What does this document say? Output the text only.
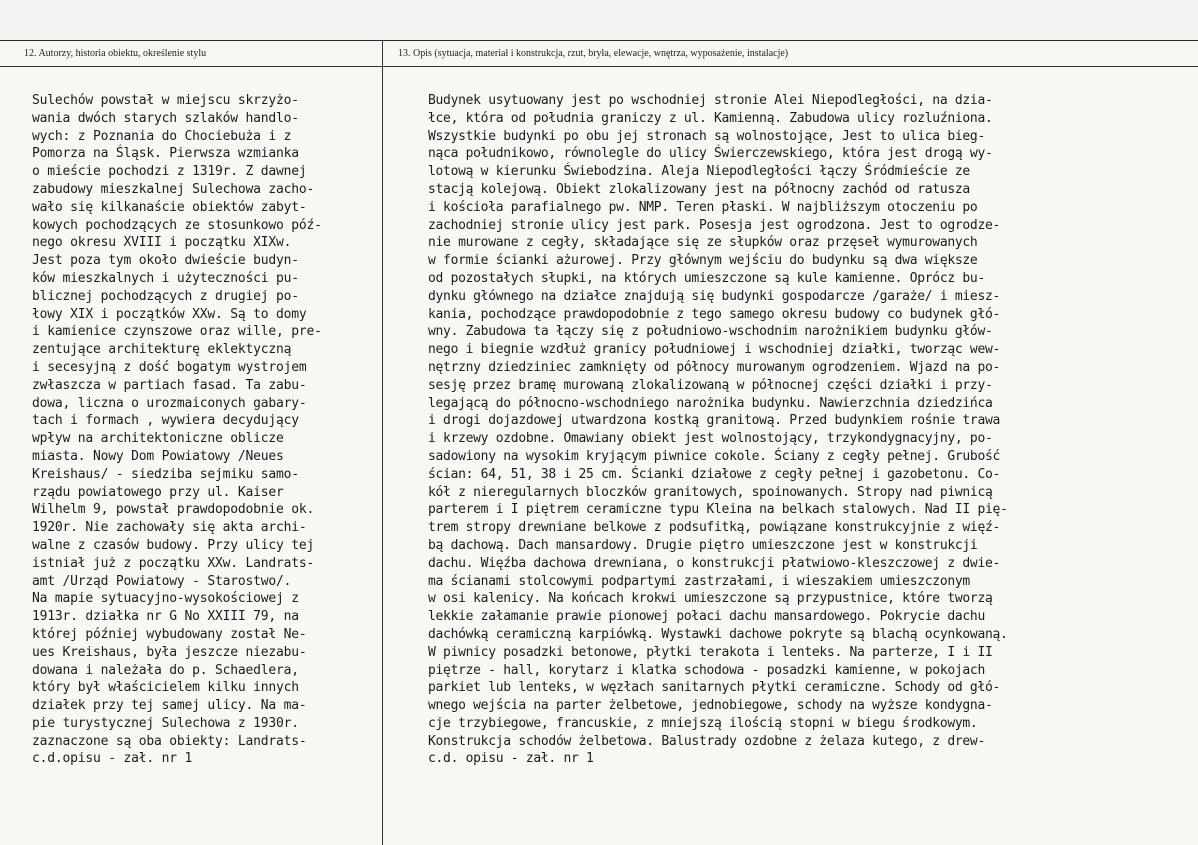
12. Autorzy, historia obiektu, określenie stylu	13. Opis (sytuacja, materiał i konstrukcja, rzut, bryła, elewacje, wnętrza, wyposażenie, instalacje)
Sulechów powstał w miejscu skrzyżo-
wania dwóch starych szlaków handlo-
wych: z Poznania do Chociebuża i z
Pomorza na Śląsk. Pierwsza wzmianka
o mieście pochodzi z 1319r. Z dawnej
zabudowy mieszkalnej Sulechowa zacho-
wało się kilkanaście obiektów zabyt-
kowych pochodzących ze stosunkowo póź-
nego okresu XVIII i początku XIXw.
Jest poza tym około dwieście budyn-
ków mieszkalnych i użyteczności pu-
blicznej pochodzących z drugiej po-
łowy XIX i początków XXw. Są to domy
i kamienice czynszowe oraz wille, pre-
zentujące architekturę eklektyczną
i secesyjną z dość bogatym wystrojem
zwłaszcza w partiach fasad. Ta zabu-
dowa, liczna o urozmaiconych gabary-
tach i formach , wywiera decydujący
wpływ na architektoniczne oblicze
miasta. Nowy Dom Powiatowy /Neues
Kreishaus/ - siedziba sejmiku samo-
rządu powiatowego przy ul. Kaiser
Wilhelm 9, powstał prawdopodobnie ok.
1920r. Nie zachowały się akta archi-
walne z czasów budowy. Przy ulicy tej
istniał już z początku XXw. Landrats-
amt /Urząd Powiatowy - Starostwo/.
Na mapie sytuacyjno-wysokościowej z
1913r. działka nr G No XXIII 79, na
której później wybudowany został Ne-
ues Kreishaus, była jeszcze niezabu-
dowana i należała do p. Schaedlera,
który był właścicielem kilku innych
działek przy tej samej ulicy. Na ma-
pie turystycznej Sulechowa z 1930r.
zaznaczone są oba obiekty: Landrats-
c.d.opisu - zał. nr 1
Budynek usytuowany jest po wschodniej stronie Alei Niepodległości, na dzia-
łce, która od południa graniczy z ul. Kamienną. Zabudowa ulicy rozluźniona.
Wszystkie budynki po obu jej stronach są wolnostojące, Jest to ulica bieg-
nąca południkowo, równolegle do ulicy Świerczewskiego, która jest drogą wy-
lotową w kierunku Świebodzina. Aleja Niepodległości łączy Śródmieście ze
stacją kolejową. Obiekt zlokalizowany jest na północny zachód od ratusza
i kościoła parafialnego pw. NMP. Teren płaski. W najbliższym otoczeniu po
zachodniej stronie ulicy jest park. Posesja jest ogrodzona. Jest to ogrodze-
nie murowane z cegły, składające się ze słupków oraz przęseł wymurowanych
w formie ścianki ażurowej. Przy głównym wejściu do budynku są dwa większe
od pozostałych słupki, na których umieszczone są kule kamienne. Oprócz bu-
dynku głównego na działce znajdują się budynki gospodarcze /garaże/ i miesz-
kania, pochodzące prawdopodobnie z tego samego okresu budowy co budynek głó-
wny. Zabudowa ta łączy się z południowo-wschodnim narożnikiem budynku głów-
nego i biegnie wzdłuż granicy południowej i wschodniej działki, tworząc wew-
nętrzny dziedziniec zamknięty od północy murowanym ogrodzeniem. Wjazd na po-
sesję przez bramę murowaną zlokalizowaną w północnej części działki i przy-
legającą do północno-wschodniego narożnika budynku. Nawierzchnia dziedzińca
i drogi dojazdowej utwardzona kostką granitową. Przed budynkiem rośnie trawa
i krzewy ozdobne. Omawiany obiekt jest wolnostojący, trzykondygnacyjny, po-
sadowiony na wysokim kryjącym piwnice cokole. Ściany z cegły pełnej. Grubość
ścian: 64, 51, 38 i 25 cm. Ścianki działowe z cegły pełnej i gazobetonu. Co-
kół z nieregularnych bloczków granitowych, spoinowanych. Stropy nad piwnicą
parterem i I piętrem ceramiczne typu Kleina na belkach stalowych. Nad II pię-
trem stropy drewniane belkowe z podsufitką, powiązane konstrukcyjnie z więź-
bą dachową. Dach mansardowy. Drugie piętro umieszczone jest w konstrukcji
dachu. Więźba dachowa drewniana, o konstrukcji płatwiowo-kleszczowej z dwie-
ma ścianami stolcowymi podpartymi zastrzałami, i wieszakiem umieszczonym
w osi kalenicy. Na końcach krokwi umieszczone są przypustnice, które tworzą
lekkie załamanie prawie pionowej połaci dachu mansardowego. Pokrycie dachu
dachówką ceramiczną karpiówką. Wystawki dachowe pokryte są blachą ocynkowaną.
W piwnicy posadzki betonowe, płytki terakota i lenteks. Na parterze, I i II
piętrze - hall, korytarz i klatka schodowa - posadzki kamienne, w pokojach
parkiet lub lenteks, w węzłach sanitarnych płytki ceramiczne. Schody od głó-
wnego wejścia na parter żelbetowe, jednobiegowe, schody na wyższe kondygna-
cje trzybiegowe, francuskie, z mniejszą ilością stopni w biegu środkowym.
Konstrukcja schodów żelbetowa. Balustrady ozdobne z żelaza kutego, z drew-
c.d. opisu - zał. nr 1
